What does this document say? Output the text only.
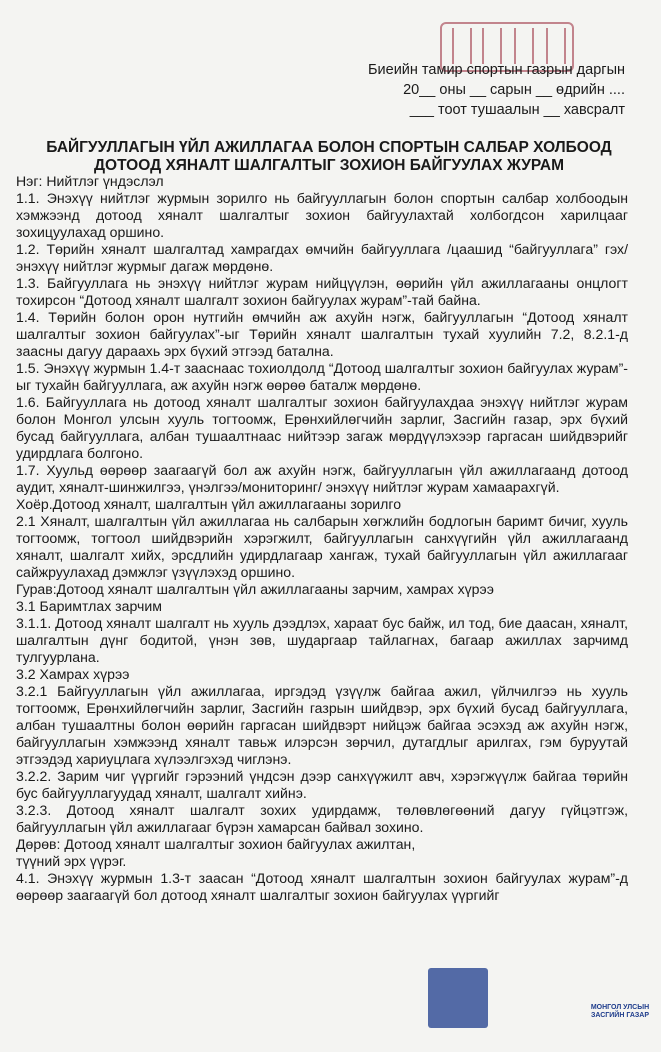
Биеийн тамир спортын газрын даргын
20__ оны __ сарын __ өдрийн ....
___ тоот тушаалын __ хавсралт
БАЙГУУЛЛАГЫН ҮЙЛ АЖИЛЛАГАА БОЛОН СПОРТЫН САЛБАР ХОЛБООД ДОТООД ХЯНАЛТ ШАЛГАЛТЫГ ЗОХИОН БАЙГУУЛАХ ЖУРАМ

Нэг: Нийтлэг үндэслэл

1.1. Энэхүү нийтлэг журмын зорилго нь байгууллагын болон спортын салбар холбоодын хэмжээнд дотоод хяналт шалгалтыг зохион байгуулахтай холбогдсон харилцааг зохицуулахад оршино.

1.2. Төрийн хяналт шалгалтад хамрагдах өмчийн байгууллага /цаашид “байгууллага” гэх/ энэхүү нийтлэг журмыг дагаж мөрдөнө.

1.3. Байгууллага нь энэхүү нийтлэг журам нийцүүлэн, өөрийн үйл ажиллагааны онцлогт тохирсон “Дотоод хяналт шалгалт зохион байгуулах журам”-тай байна.

1.4. Төрийн болон орон нутгийн өмчийн аж ахуйн нэгж, байгууллагын “Дотоод хяналт шалгалтыг зохион байгуулах”-ыг Төрийн хяналт шалгалтын тухай хуулийн 7.2, 8.2.1-д заасны дагуу дараахь эрх бүхий этгээд батална.

1.5. Энэхүү журмын 1.4-т зааснаас тохиолдолд “Дотоод шалгалтыг зохион байгуулах журам”-ыг тухайн байгууллага, аж ахуйн нэгж өөрөө баталж мөрдөнө.

1.6. Байгууллага нь дотоод хяналт шалгалтыг зохион байгуулахдаа энэхүү нийтлэг журам болон Монгол улсын хууль тогтоомж, Ерөнхийлөгчийн зарлиг, Засгийн газар, эрх бүхий бусад байгууллага, албан тушаалтнаас нийтээр загаж мөрдүүлэхээр гаргасан шийдвэрийг удирдлага болгоно.

1.7. Хуульд өөрөөр заагаагүй бол аж ахуйн нэгж, байгууллагын үйл ажиллагаанд дотоод аудит, хяналт-шинжилгээ, үнэлгээ/мониторинг/ энэхүү нийтлэг журам хамаарахгүй.

Хоёр.Дотоод хяналт, шалгалтын үйл ажиллагааны зорилго

2.1 Хяналт, шалгалтын үйл ажиллагаа нь салбарын хөгжлийн бодлогын баримт бичиг, хууль тогтоомж, тогтоол шийдвэрийн хэрэгжилт, байгууллагын санхүүгийн үйл ажиллагаанд хяналт, шалгалт хийх, эрсдлийн удирдлагаар хангаж, тухай байгууллагын үйл ажиллагааг сайжруулахад дэмжлэг үзүүлэхэд оршино.

Гурав:Дотоод хяналт шалгалтын үйл ажиллагааны зарчим, хамрах хүрээ

3.1 Баримтлах зарчим

3.1.1. Дотоод хяналт шалгалт нь хууль дээдлэх, хараат бус байж, ил тод, бие даасан, хяналт, шалгалтын дүнг бодитой, үнэн зөв, шударгаар тайлагнах, багаар ажиллах зарчимд тулгуурлана.

3.2 Хамрах хүрээ

3.2.1 Байгууллагын үйл ажиллагаа, иргэдэд үзүүлж байгаа ажил, үйлчилгээ нь хууль тогтоомж, Ерөнхийлөгчийн зарлиг, Засгийн газрын шийдвэр, эрх бүхий бусад байгууллага, албан тушаалтны болон өөрийн гаргасан шийдвэрт нийцэж байгаа эсэхэд аж ахуйн нэгж, байгууллагын хэмжээнд хяналт тавьж илэрсэн зөрчил, дутагдлыг арилгах, гэм буруутай этгээдэд хариуцлага хүлээлгэхэд чиглэнэ.

3.2.2. Зарим чиг үүргийг гэрээний үндсэн дээр санхүүжилт авч, хэрэгжүүлж байгаа төрийн бус байгууллагуудад хяналт, шалгалт хийнэ.

3.2.3. Дотоод хяналт шалгалт зохих удирдамж, төлөвлөгөөний дагуу гүйцэтгэж, байгууллагын үйл ажиллагааг бүрэн хамарсан байвал зохино.

Дөрөв: Дотоод хяналт шалгалтыг зохион байгуулах ажилтан,

түүний эрх үүрэг.

4.1. Энэхүү журмын 1.3-т заасан “Дотоод хяналт шалгалтын зохион байгуулах журам”-д өөрөөр заагаагүй бол дотоод хяналт шалгалтыг зохион байгуулах үүргийг

МОНГОЛ УЛСЫН ЗАСГИЙН ГАЗАР
